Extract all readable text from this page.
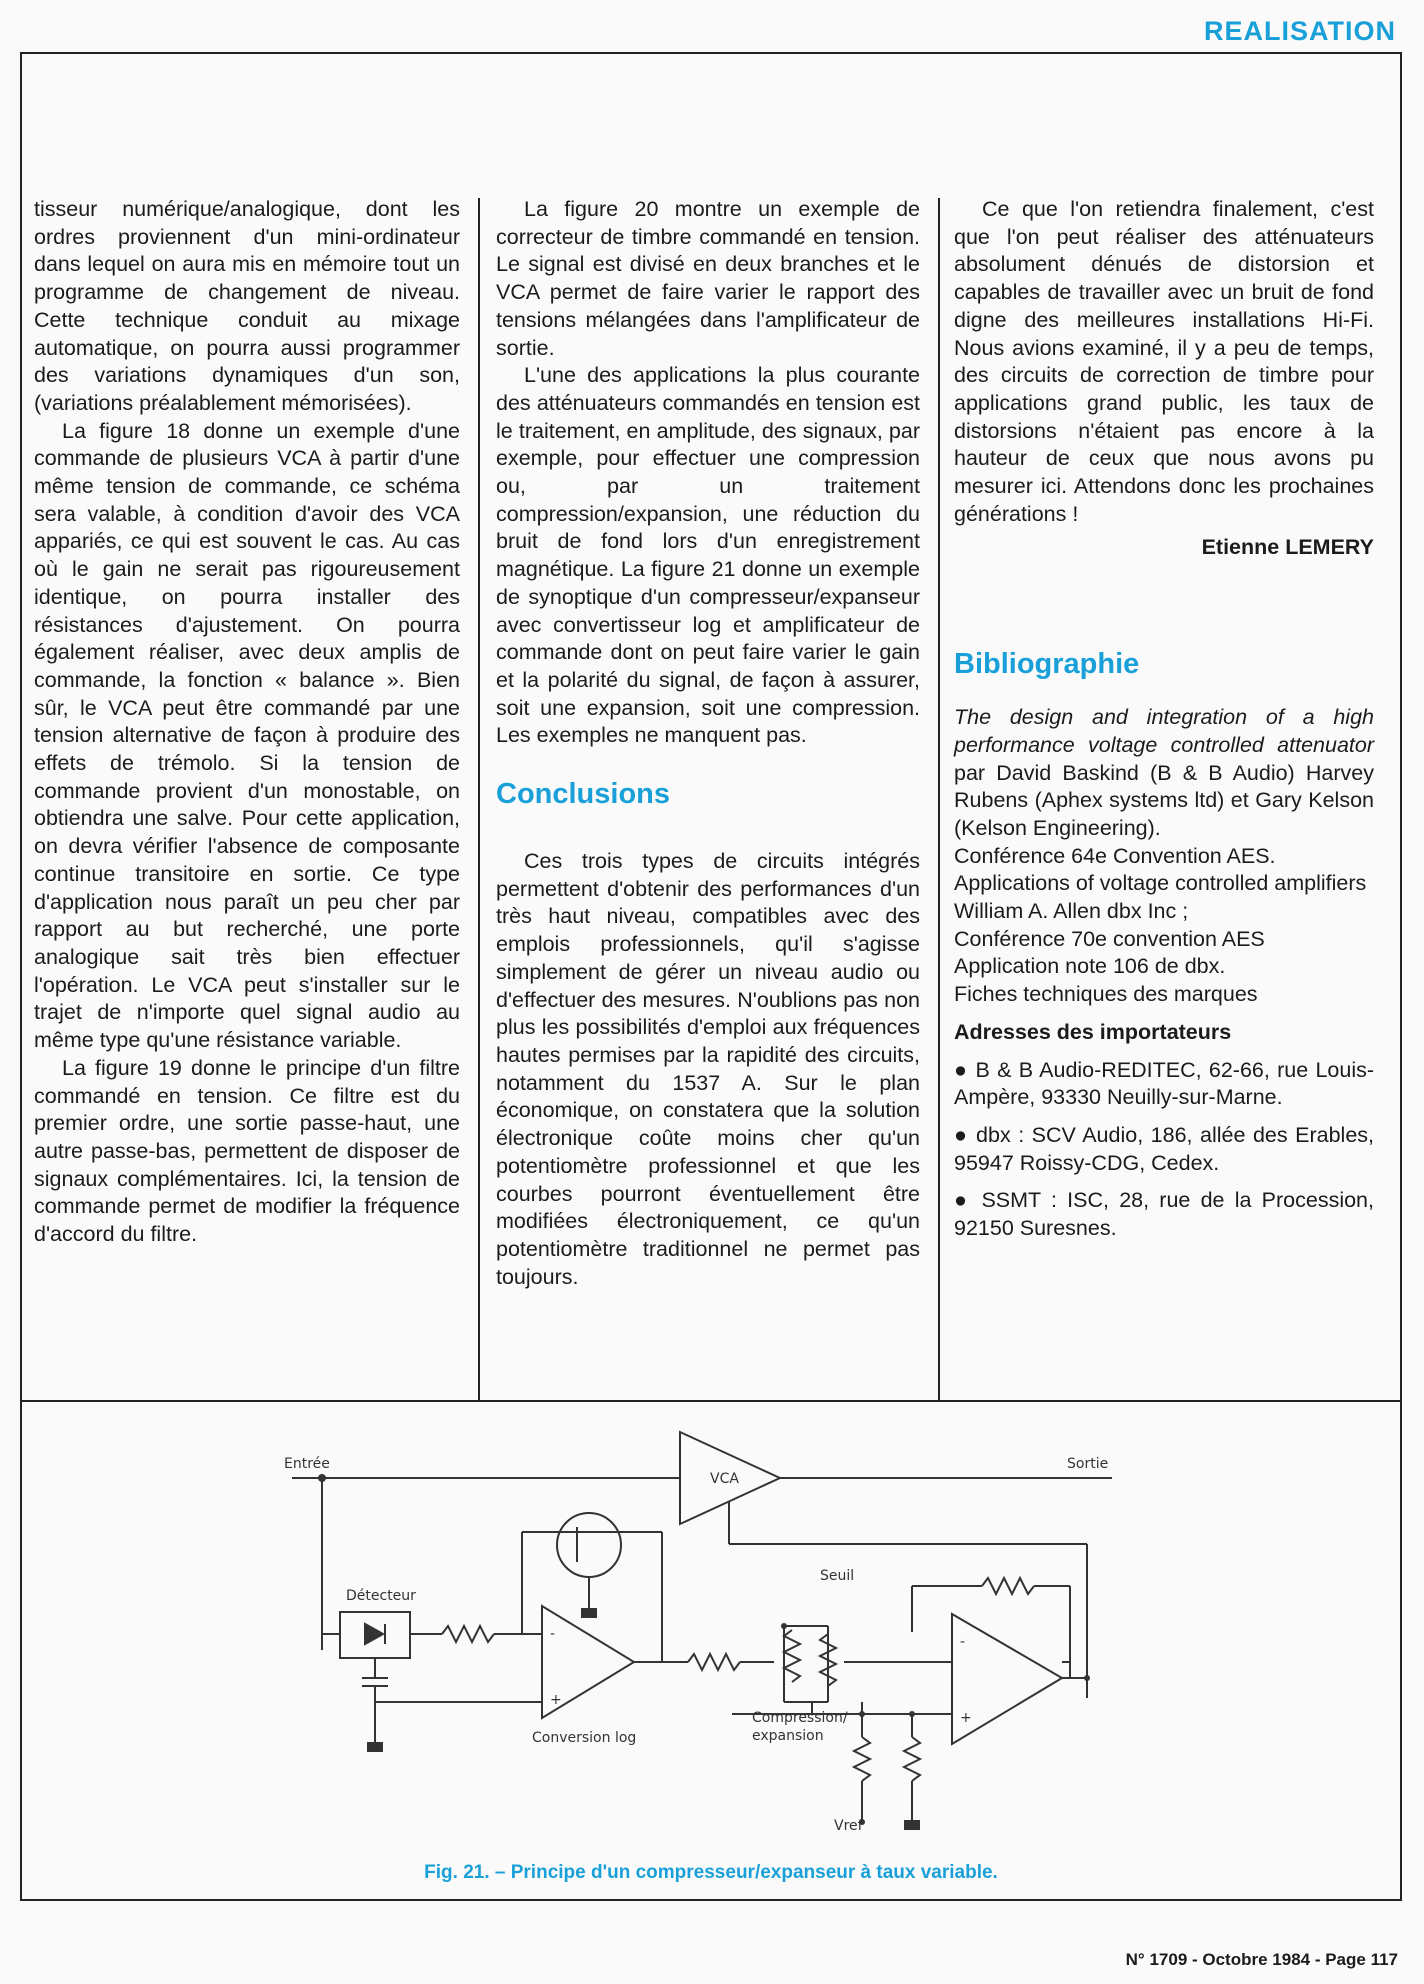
REALISATION

tisseur numérique/analogique, dont les ordres proviennent d'un mini-ordinateur dans lequel on aura mis en mémoire tout un programme de changement de niveau. Cette technique conduit au mixage automatique, on pourra aussi programmer des variations dynamiques d'un son, (variations préalablement mémorisées).

La figure 18 donne un exemple d'une commande de plusieurs VCA à partir d'une même tension de commande, ce schéma sera valable, à condition d'avoir des VCA appariés, ce qui est souvent le cas. Au cas où le gain ne serait pas rigoureusement identique, on pourra installer des résistances d'ajustement. On pourra également réaliser, avec deux amplis de commande, la fonction « balance ». Bien sûr, le VCA peut être commandé par une tension alternative de façon à produire des effets de trémolo. Si la tension de commande provient d'un monostable, on obtiendra une salve. Pour cette application, on devra vérifier l'absence de composante continue transitoire en sortie. Ce type d'application nous paraît un peu cher par rapport au but recherché, une porte analogique sait très bien effectuer l'opération. Le VCA peut s'installer sur le trajet de n'importe quel signal audio au même type qu'une résistance variable.

La figure 19 donne le principe d'un filtre commandé en tension. Ce filtre est du premier ordre, une sortie passe-haut, une autre passe-bas, permettent de disposer de signaux complémentaires. Ici, la tension de commande permet de modifier la fréquence d'accord du filtre.

La figure 20 montre un exemple de correcteur de timbre commandé en tension. Le signal est divisé en deux branches et le VCA permet de faire varier le rapport des tensions mélangées dans l'amplificateur de sortie.

L'une des applications la plus courante des atténuateurs commandés en tension est le traitement, en amplitude, des signaux, par exemple, pour effectuer une compression ou, par un traitement compression/expansion, une réduction du bruit de fond lors d'un enregistrement magnétique. La figure 21 donne un exemple de synoptique d'un compresseur/expanseur avec convertisseur log et amplificateur de commande dont on peut faire varier le gain et la polarité du signal, de façon à assurer, soit une expansion, soit une compression. Les exemples ne manquent pas.

Conclusions

Ces trois types de circuits intégrés permettent d'obtenir des performances d'un très haut niveau, compatibles avec des emplois professionnels, qu'il s'agisse simplement de gérer un niveau audio ou d'effectuer des mesures. N'oublions pas non plus les possibilités d'emploi aux fréquences hautes permises par la rapidité des circuits, notamment du 1537 A. Sur le plan économique, on constatera que la solution électronique coûte moins cher qu'un potentiomètre professionnel et que les courbes pourront éventuellement être modifiées électroniquement, ce qu'un potentiomètre traditionnel ne permet pas toujours.

Ce que l'on retiendra finalement, c'est que l'on peut réaliser des atténuateurs absolument dénués de distorsion et capables de travailler avec un bruit de fond digne des meilleures installations Hi-Fi. Nous avions examiné, il y a peu de temps, des circuits de correction de timbre pour applications grand public, les taux de distorsions n'étaient pas encore à la hauteur de ceux que nous avons pu mesurer ici. Attendons donc les prochaines générations !

Etienne LEMERY
Bibliographie

The design and integration of a high performance voltage controlled attenuator par David Baskind (B & B Audio) Harvey Rubens (Aphex systems ltd) et Gary Kelson (Kelson Engineering).

Conférence 64e Convention AES.
Applications of voltage controlled amplifiers
William A. Allen dbx Inc ;
Conférence 70e convention AES
Application note 106 de dbx.
Fiches techniques des marques
Adresses des importateurs

● B & B Audio-REDITEC, 62-66, rue Louis-Ampère, 93330 Neuilly-sur-Marne.

● dbx : SCV Audio, 186, allée des Erables, 95947 Roissy-CDG, Cedex.

● SSMT : ISC, 28, rue de la Procession, 92150 Suresnes.

Entrée	Sortie
VCA
Détecteur
Seuil
Compression/
expansion
Conversion log
Vref
-
+
-
+
Fig. 21. – Principe d'un compresseur/expanseur à taux variable.
N° 1709 - Octobre 1984 - Page 117
